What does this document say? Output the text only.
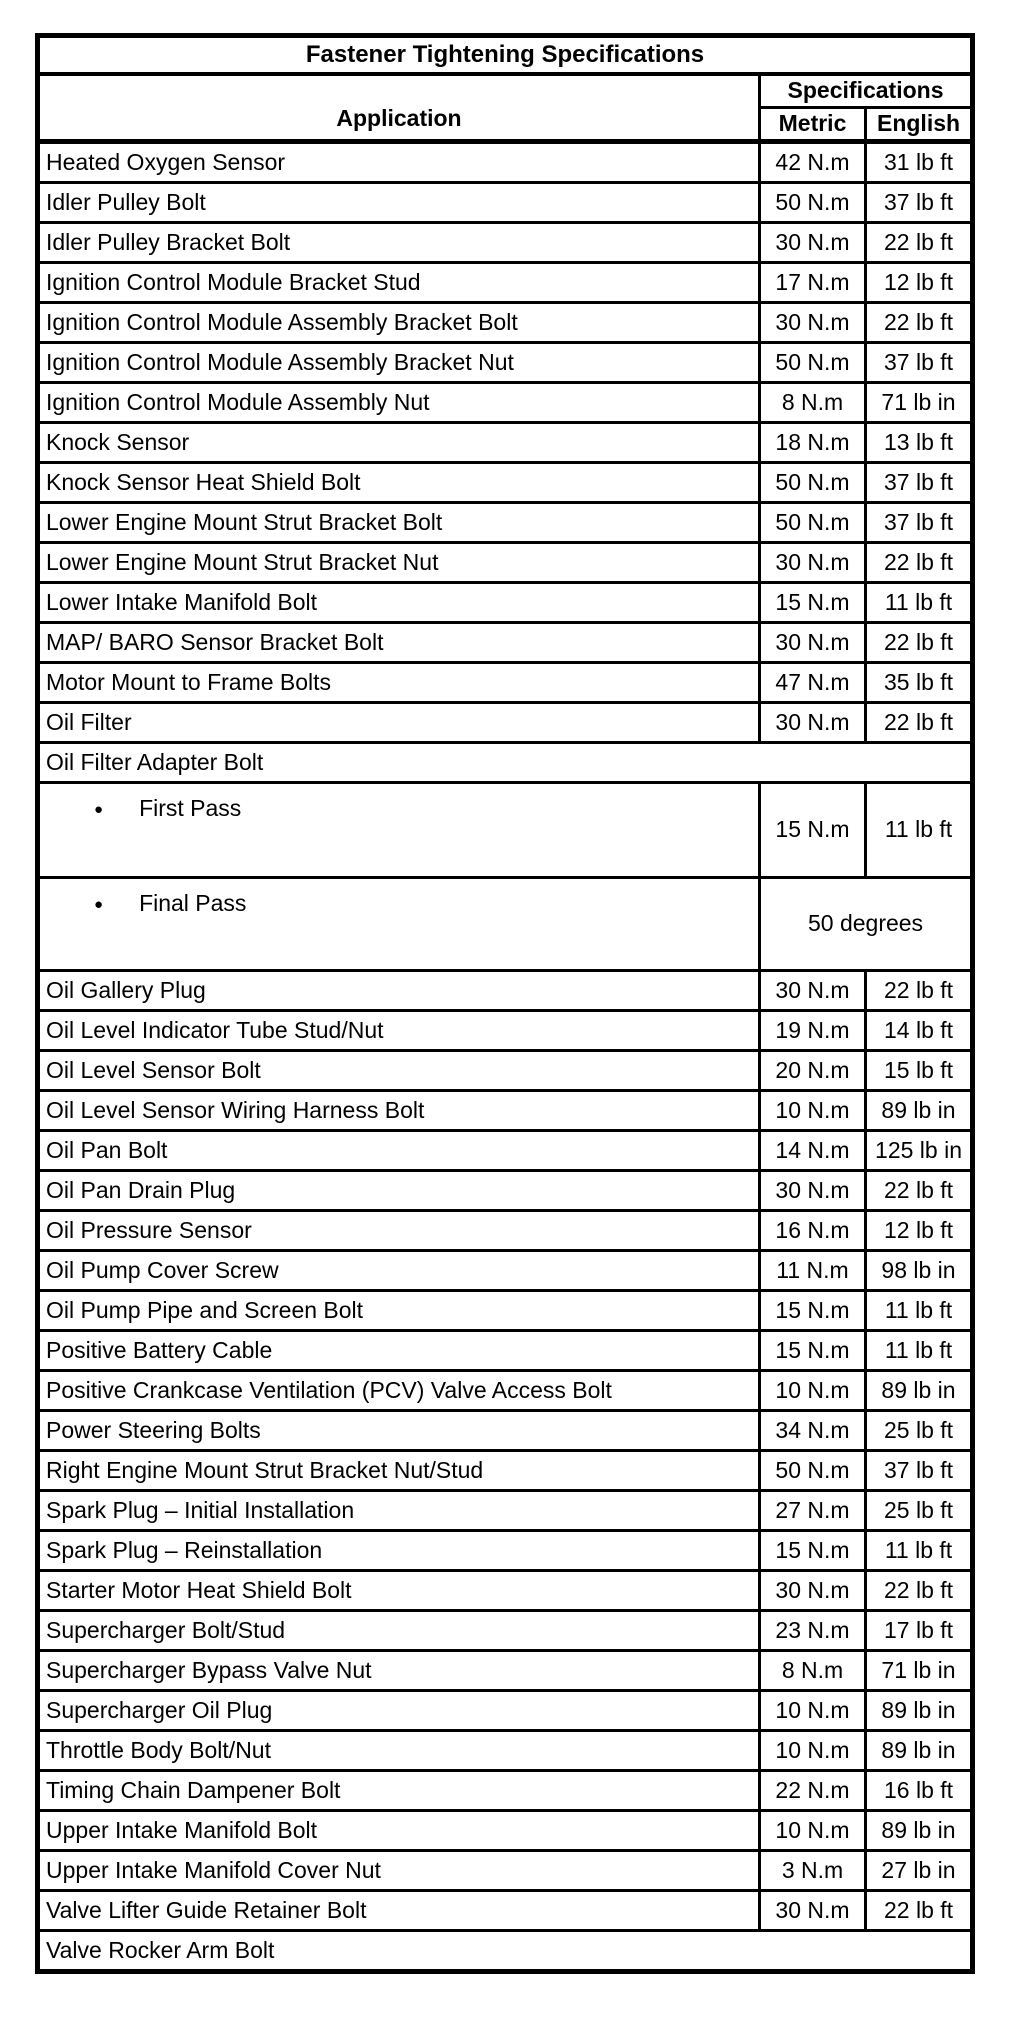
Fastener Tightening Specifications		
Application	Specifications	
	Metric	English
Heated Oxygen Sensor	42 N.m	31 lb ft
Idler Pulley Bolt	50 N.m	37 lb ft
Idler Pulley Bracket Bolt	30 N.m	22 lb ft
Ignition Control Module Bracket Stud	17 N.m	12 lb ft
Ignition Control Module Assembly Bracket Bolt	30 N.m	22 lb ft
Ignition Control Module Assembly Bracket Nut	50 N.m	37 lb ft
Ignition Control Module Assembly Nut	8 N.m	71 lb in
Knock Sensor	18 N.m	13 lb ft
Knock Sensor Heat Shield Bolt	50 N.m	37 lb ft
Lower Engine Mount Strut Bracket Bolt	50 N.m	37 lb ft
Lower Engine Mount Strut Bracket Nut	30 N.m	22 lb ft
Lower Intake Manifold Bolt	15 N.m	11 lb ft
MAP/ BARO Sensor Bracket Bolt	30 N.m	22 lb ft
Motor Mount to Frame Bolts	47 N.m	35 lb ft
Oil Filter	30 N.m	22 lb ft
Oil Filter Adapter Bolt		
● First Pass	15 N.m	11 lb ft
● Final Pass	50 degrees	
Oil Gallery Plug	30 N.m	22 lb ft
Oil Level Indicator Tube Stud/Nut	19 N.m	14 lb ft
Oil Level Sensor Bolt	20 N.m	15 lb ft
Oil Level Sensor Wiring Harness Bolt	10 N.m	89 lb in
Oil Pan Bolt	14 N.m	125 lb in
Oil Pan Drain Plug	30 N.m	22 lb ft
Oil Pressure Sensor	16 N.m	12 lb ft
Oil Pump Cover Screw	11 N.m	98 lb in
Oil Pump Pipe and Screen Bolt	15 N.m	11 lb ft
Positive Battery Cable	15 N.m	11 lb ft
Positive Crankcase Ventilation (PCV) Valve Access Bolt	10 N.m	89 lb in
Power Steering Bolts	34 N.m	25 lb ft
Right Engine Mount Strut Bracket Nut/Stud	50 N.m	37 lb ft
Spark Plug – Initial Installation	27 N.m	25 lb ft
Spark Plug – Reinstallation	15 N.m	11 lb ft
Starter Motor Heat Shield Bolt	30 N.m	22 lb ft
Supercharger Bolt/Stud	23 N.m	17 lb ft
Supercharger Bypass Valve Nut	8 N.m	71 lb in
Supercharger Oil Plug	10 N.m	89 lb in
Throttle Body Bolt/Nut	10 N.m	89 lb in
Timing Chain Dampener Bolt	22 N.m	16 lb ft
Upper Intake Manifold Bolt	10 N.m	89 lb in
Upper Intake Manifold Cover Nut	3 N.m	27 lb in
Valve Lifter Guide Retainer Bolt	30 N.m	22 lb ft
Valve Rocker Arm Bolt		
